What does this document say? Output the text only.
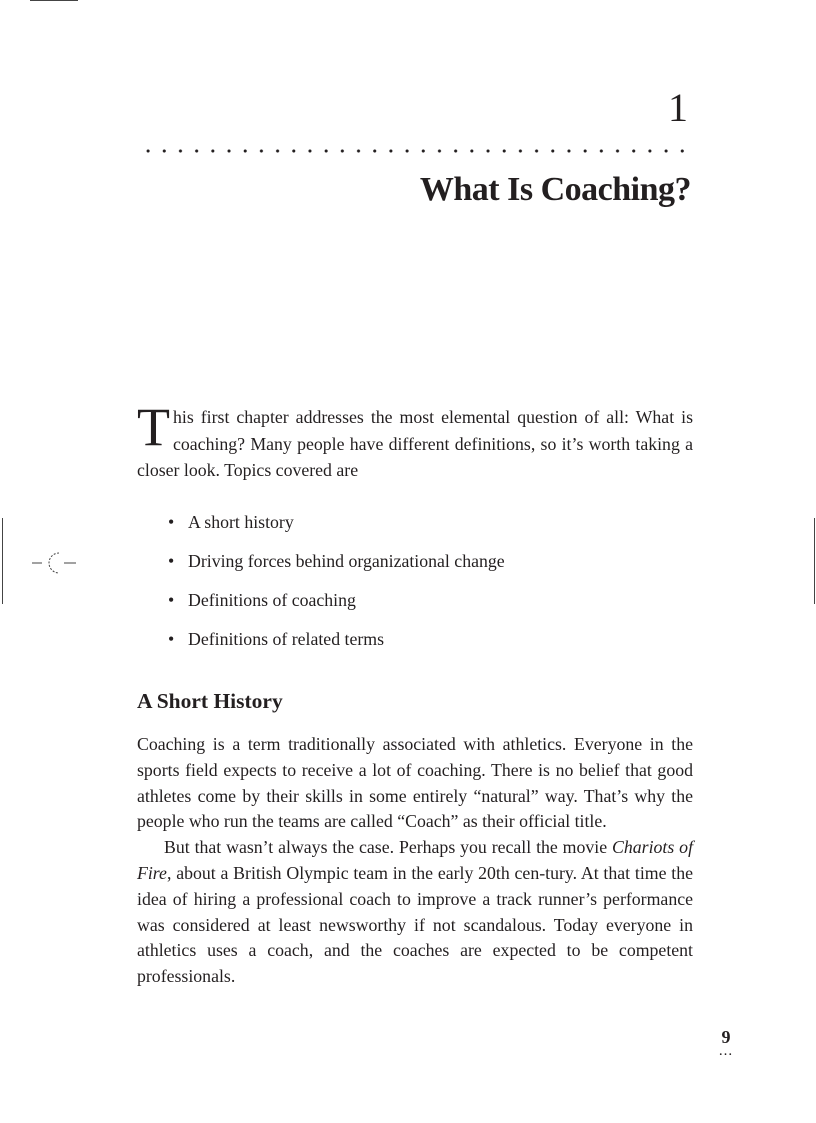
1
What Is Coaching?

This first chapter addresses the most elemental question of all: What is coaching? Many people have different definitions, so it’s worth taking a closer look. Topics covered are

• A short history
• Driving forces behind organizational change
• Definitions of coaching
• Definitions of related terms
A Short History

Coaching is a term traditionally associated with athletics. Everyone in the sports field expects to receive a lot of coaching. There is no belief that good athletes come by their skills in some entirely “natural” way. That’s why the people who run the teams are called “Coach” as their official title.

But that wasn’t always the case. Perhaps you recall the movie Chariots of Fire, about a British Olympic team in the early 20th cen-tury. At that time the idea of hiring a professional coach to improve a track runner’s performance was considered at least newsworthy if not scandalous. Today everyone in athletics uses a coach, and the coaches are expected to be competent professionals.

9
...
